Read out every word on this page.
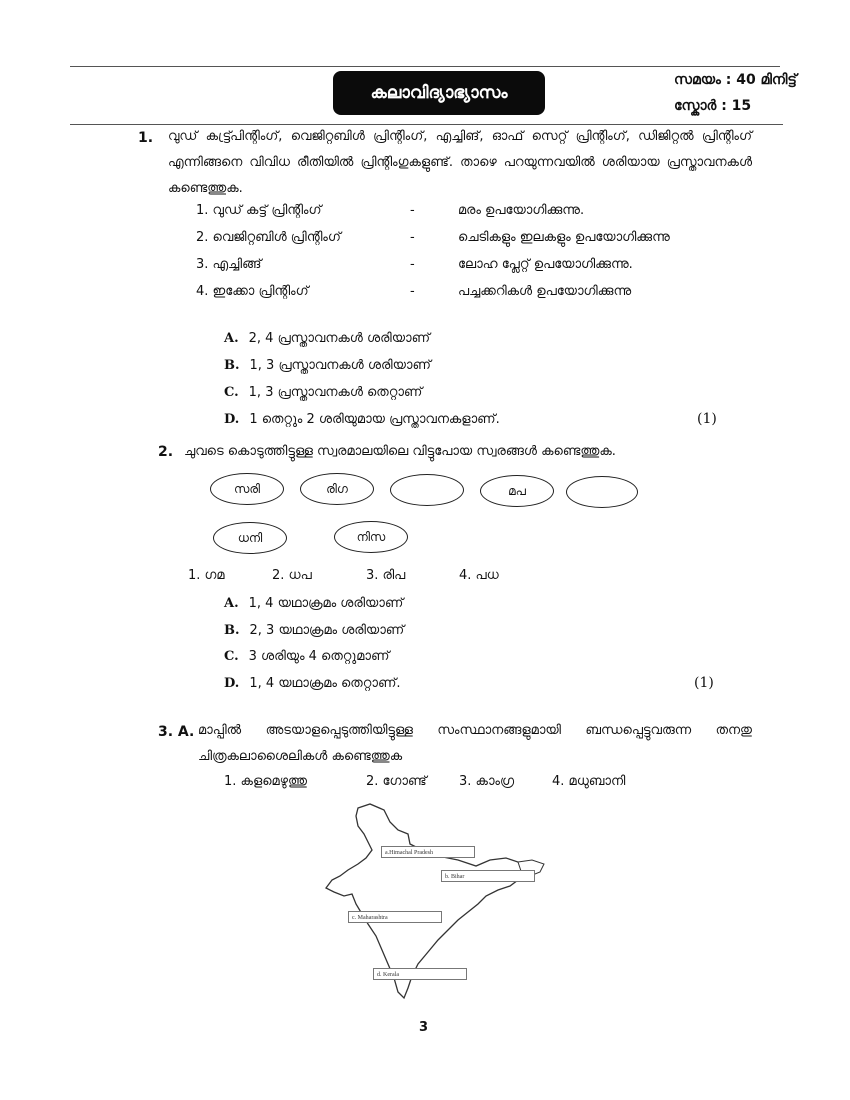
കലാവിദ്യാഭ്യാസം
സമയം : 40 മിനിട്ട്
സ്കോർ : 15
1. വുഡ് കട്ട്പ്രിന്റിംഗ്, വെജിറ്റബിൾ പ്രിന്റിംഗ്, എച്ചിങ്, ഓഫ് സെറ്റ് പ്രിന്റിംഗ്, ഡിജിറ്റൽ പ്രിന്റിംഗ് എന്നിങ്ങനെ വിവിധ രീതിയിൽ പ്രിന്റിംഗുകളുണ്ട്. താഴെ പറയുന്നവയിൽ ശരിയായ പ്രസ്താവനകൾ കണ്ടെത്തുക.
1. വുഡ് കട്ട് പ്രിന്റിംഗ്	-	മരം ഉപയോഗിക്കുന്നു.
2. വെജിറ്റബിൾ പ്രിന്റിംഗ്	-	ചെടികളും ഇലകളും ഉപയോഗിക്കുന്നു
3. എച്ചിങ്ങ്	-	ലോഹ പ്ലേറ്റ് ഉപയോഗിക്കുന്നു.
4. ഇക്കോ പ്രിന്റിംഗ്	-	പച്ചക്കറികൾ ഉപയോഗിക്കുന്നു
A. 2, 4 പ്രസ്താവനകൾ ശരിയാണ്
B. 1, 3 പ്രസ്താവനകൾ ശരിയാണ്
C. 1, 3 പ്രസ്താവനകൾ തെറ്റാണ്
D. 1 തെറ്റും 2 ശരിയുമായ പ്രസ്താവനകളാണ്.	(1)
2. ചുവടെ കൊടുത്തിട്ടുള്ള സ്വരമാലയിലെ വിട്ടുപോയ സ്വരങ്ങൾ കണ്ടെത്തുക.
സരി	രിഗ	മപ
ധനി	നിസ
1. ഗമ	2. ധപ	3. രിപ	4. പധ
A. 1, 4 യഥാക്രമം ശരിയാണ്
B. 2, 3 യഥാക്രമം ശരിയാണ്
C. 3 ശരിയും 4 തെറ്റുമാണ്
D. 1, 4 യഥാക്രമം തെറ്റാണ്.	(1)
3. A. മാപ്പിൽ അടയാളപ്പെടുത്തിയിട്ടുള്ള സംസ്ഥാനങ്ങളുമായി ബന്ധപ്പെട്ടുവരുന്ന തനതു ചിത്രകലാശൈലികൾ കണ്ടെത്തുക
1. കളമെഴുത്തു	2. ഗോണ്ട് 3. കാംഗ്ര	4. മധുബാനി
a.Himachal Pradesh
b. Bihar
c. Maharashtra
d. Kerala
3
